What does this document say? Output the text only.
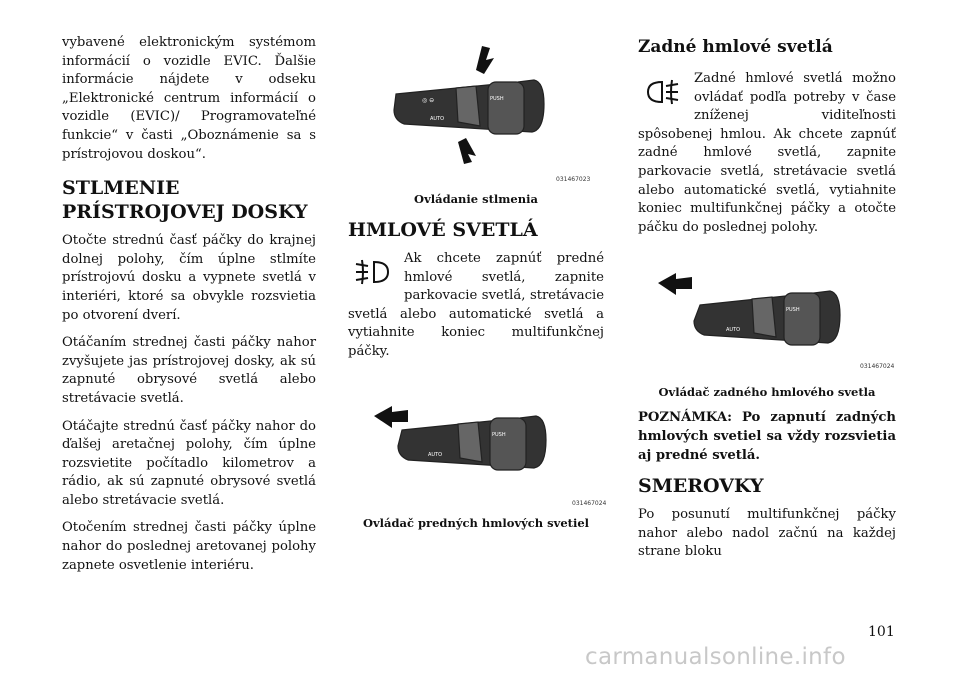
vybavené elektronickým systémom informácií o vozidle EVIC. Ďalšie informácie nájdete v odseku „Elektronické centrum informácií o vozidle (EVIC)/ Programovateľné funkcie“ v časti „Oboznámenie sa s prístrojovou doskou“.

STLMENIE
PRÍSTROJOVEJ DOSKY

Otočte strednú časť páčky do krajnej dolnej polohy, čím úplne stlmíte prístrojovú dosku a vypnete svetlá v interiéri, ktoré sa obvykle rozsvietia po otvorení dverí.

Otáčaním strednej časti páčky nahor zvyšujete jas prístrojovej dosky, ak sú zapnuté obrysové svetlá alebo stretávacie svetlá.

Otáčajte strednú časť páčky nahor do ďalšej aretačnej polohy, čím úplne rozsvietite počítadlo kilometrov a rádio, ak sú zapnuté obrysové svetlá alebo stretávacie svetlá.

Otočením strednej časti páčky úplne nahor do poslednej aretovanej polohy zapnete osvetlenie interiéru.

◎ ⊖
AUTO
PUSH
031467023
Ovládanie stlmenia
HMLOVÉ SVETLÁ

Ak chcete zapnúť predné hmlové svetlá, zapnite parkovacie svetlá, stretávacie svetlá alebo automatické svetlá a vytiahnite koniec multifunkčnej páčky.

AUTO
PUSH
031467024
Ovládač predných hmlových svetiel
Zadné hmlové svetlá

Zadné hmlové svetlá možno ovládať podľa potreby v čase zníženej viditeľnosti spôsobenej hmlou. Ak chcete zapnúť zadné hmlové svetlá, zapnite parkovacie svetlá, stretávacie svetlá alebo automatické svetlá, vytiahnite koniec multifunkčnej páčky a otočte páčku do poslednej polohy.

AUTO
PUSH
031467024
Ovládač zadného hmlového svetla
POZNÁMKA: Po zapnutí zadných hmlových svetiel sa vždy rozsvietia aj predné svetlá.
SMEROVKY

Po posunutí multifunkčnej páčky nahor alebo nadol začnú na každej strane bloku

101
carmanualsonline.info
